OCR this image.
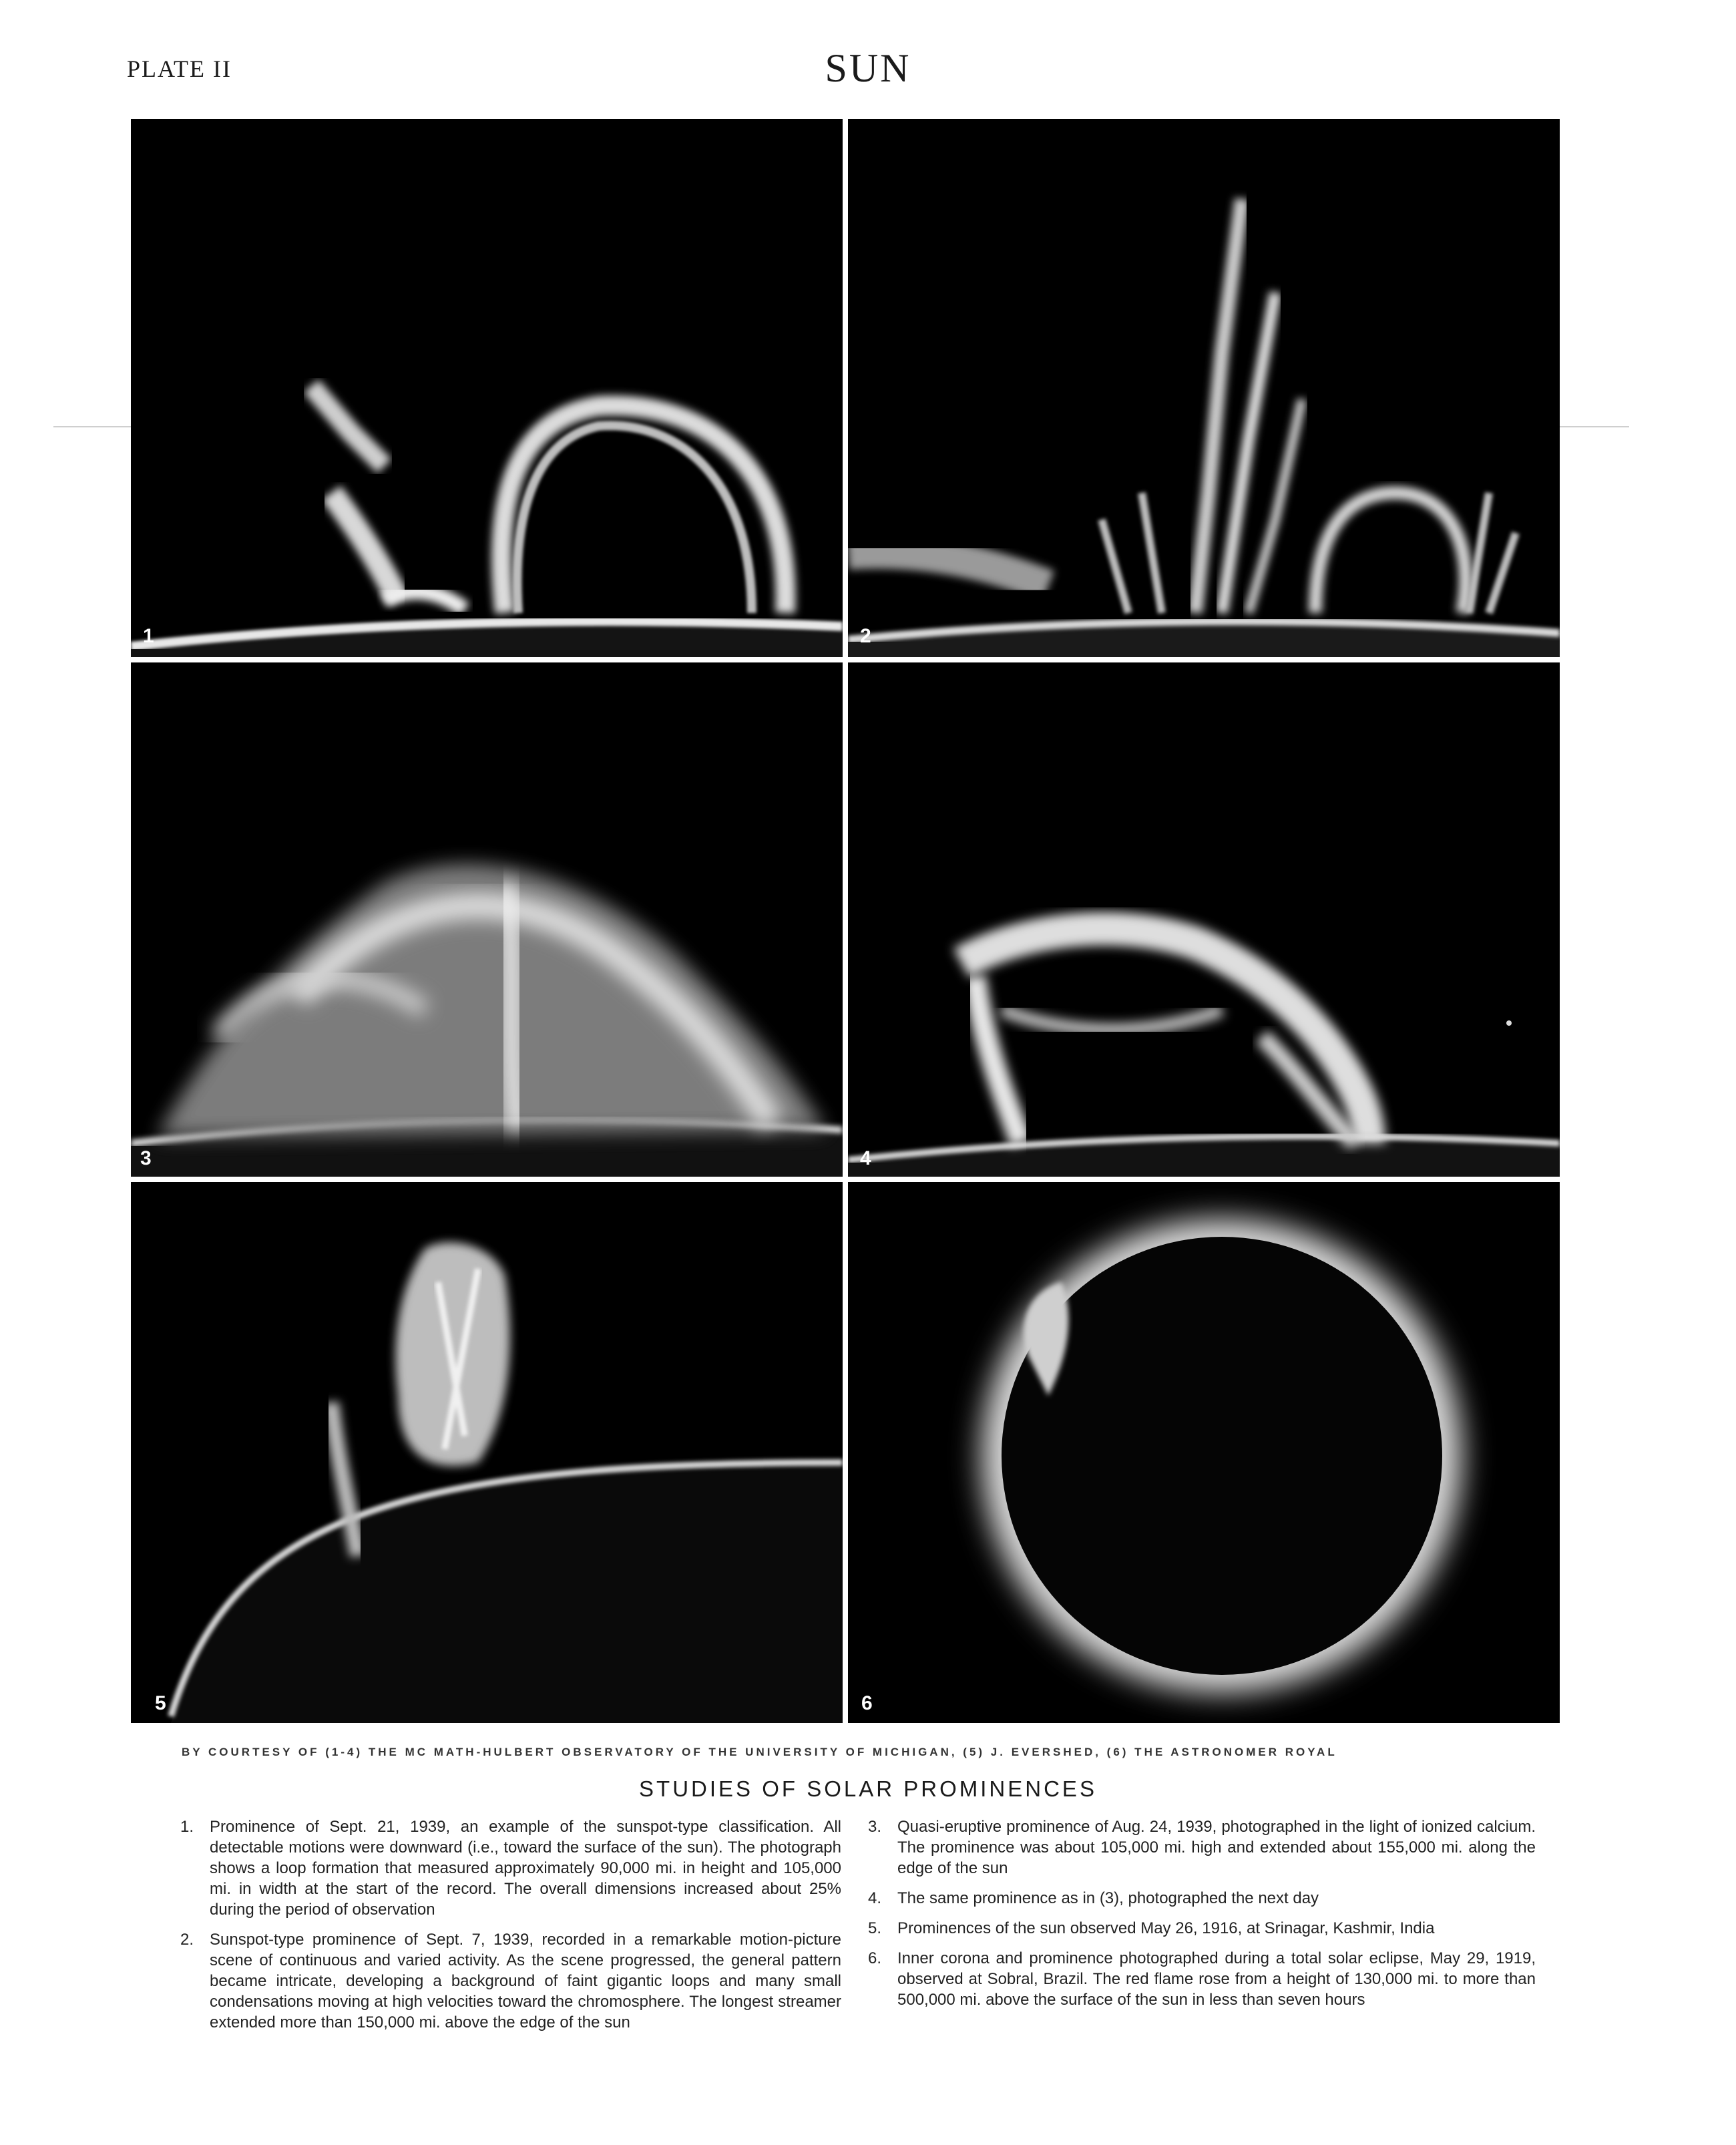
PLATE II	SUN
1	2
3	4
5	6
BY COURTESY OF (1-4) THE MC MATH-HULBERT OBSERVATORY OF THE UNIVERSITY OF MICHIGAN, (5) J. EVERSHED, (6) THE ASTRONOMER ROYAL
STUDIES OF SOLAR PROMINENCES
1. Prominence of Sept. 21, 1939, an example of the sunspot-type classification. All detectable motions were downward (i.e., toward the surface of the sun). The photograph shows a loop formation that measured approximately 90,000 mi. in height and 105,000 mi. in width at the start of the record. The overall dimensions increased about 25% during the period of observation
2. Sunspot-type prominence of Sept. 7, 1939, recorded in a remarkable motion-picture scene of continuous and varied activity. As the scene progressed, the general pattern became intricate, developing a background of faint gigantic loops and many small condensations moving at high velocities toward the chromosphere. The longest streamer extended more than 150,000 mi. above the edge of the sun
3. Quasi-eruptive prominence of Aug. 24, 1939, photographed in the light of ionized calcium. The prominence was about 105,000 mi. high and extended about 155,000 mi. along the edge of the sun
4. The same prominence as in (3), photographed the next day
5. Prominences of the sun observed May 26, 1916, at Srinagar, Kashmir, India
6. Inner corona and prominence photographed during a total solar eclipse, May 29, 1919, observed at Sobral, Brazil. The red flame rose from a height of 130,000 mi. to more than 500,000 mi. above the surface of the sun in less than seven hours
